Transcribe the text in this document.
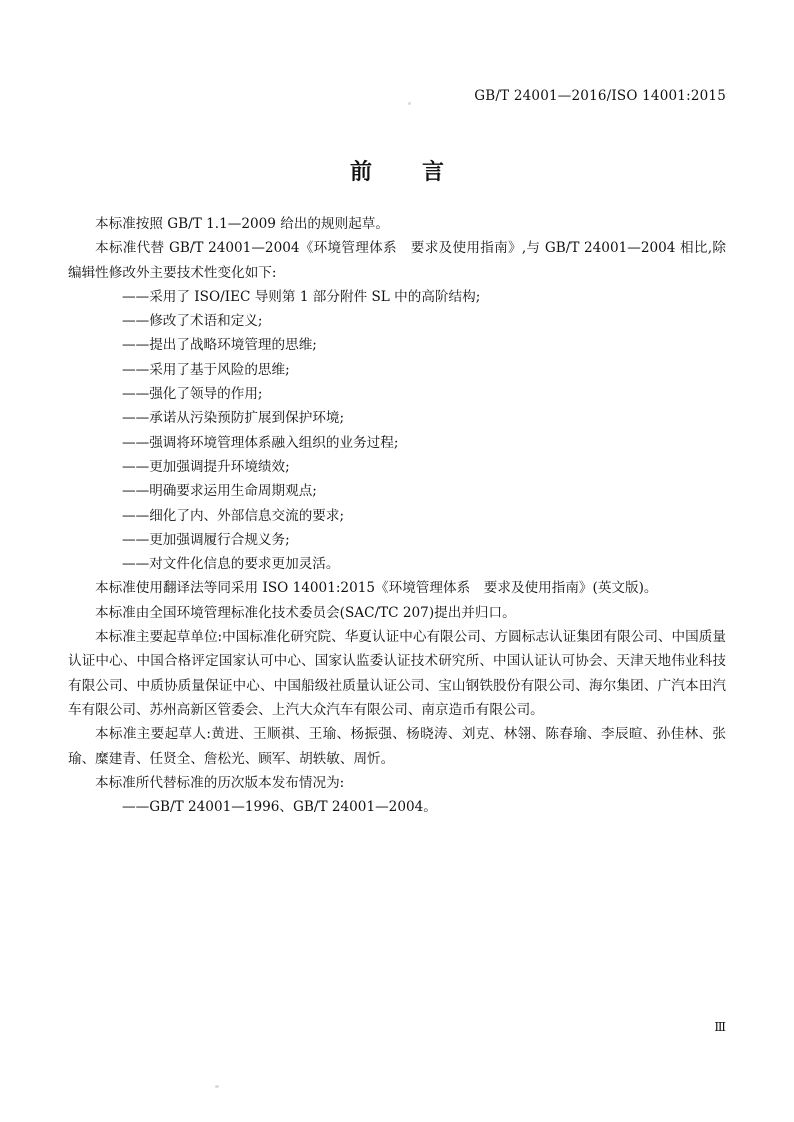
GB/T 24001—2016/ISO 14001:2015
前　言

本标准按照 GB/T 1.1—2009 给出的规则起草。

本标准代替 GB/T 24001—2004《环境管理体系　要求及使用指南》,与 GB/T 24001—2004 相比,除编辑性修改外主要技术性变化如下:

——采用了 ISO/IEC 导则第 1 部分附件 SL 中的高阶结构;

——修改了术语和定义;

——提出了战略环境管理的思维;

——采用了基于风险的思维;

——强化了领导的作用;

——承诺从污染预防扩展到保护环境;

——强调将环境管理体系融入组织的业务过程;

——更加强调提升环境绩效;

——明确要求运用生命周期观点;

——细化了内、外部信息交流的要求;

——更加强调履行合规义务;

——对文件化信息的要求更加灵活。

本标准使用翻译法等同采用 ISO 14001:2015《环境管理体系　要求及使用指南》(英文版)。

本标准由全国环境管理标准化技术委员会(SAC/TC 207)提出并归口。

本标准主要起草单位:中国标准化研究院、华夏认证中心有限公司、方圆标志认证集团有限公司、中国质量认证中心、中国合格评定国家认可中心、国家认监委认证技术研究所、中国认证认可协会、天津天地伟业科技有限公司、中质协质量保证中心、中国船级社质量认证公司、宝山钢铁股份有限公司、海尔集团、广汽本田汽车有限公司、苏州高新区管委会、上汽大众汽车有限公司、南京造币有限公司。

本标准主要起草人:黄进、王顺祺、王瑜、杨振强、杨晓涛、刘克、林翎、陈春瑜、李辰暄、孙佳林、张瑜、糜建青、任贤全、詹松光、顾军、胡轶敏、周忻。

本标准所代替标准的历次版本发布情况为:

——GB/T 24001—1996、GB/T 24001—2004。

Ⅲ
